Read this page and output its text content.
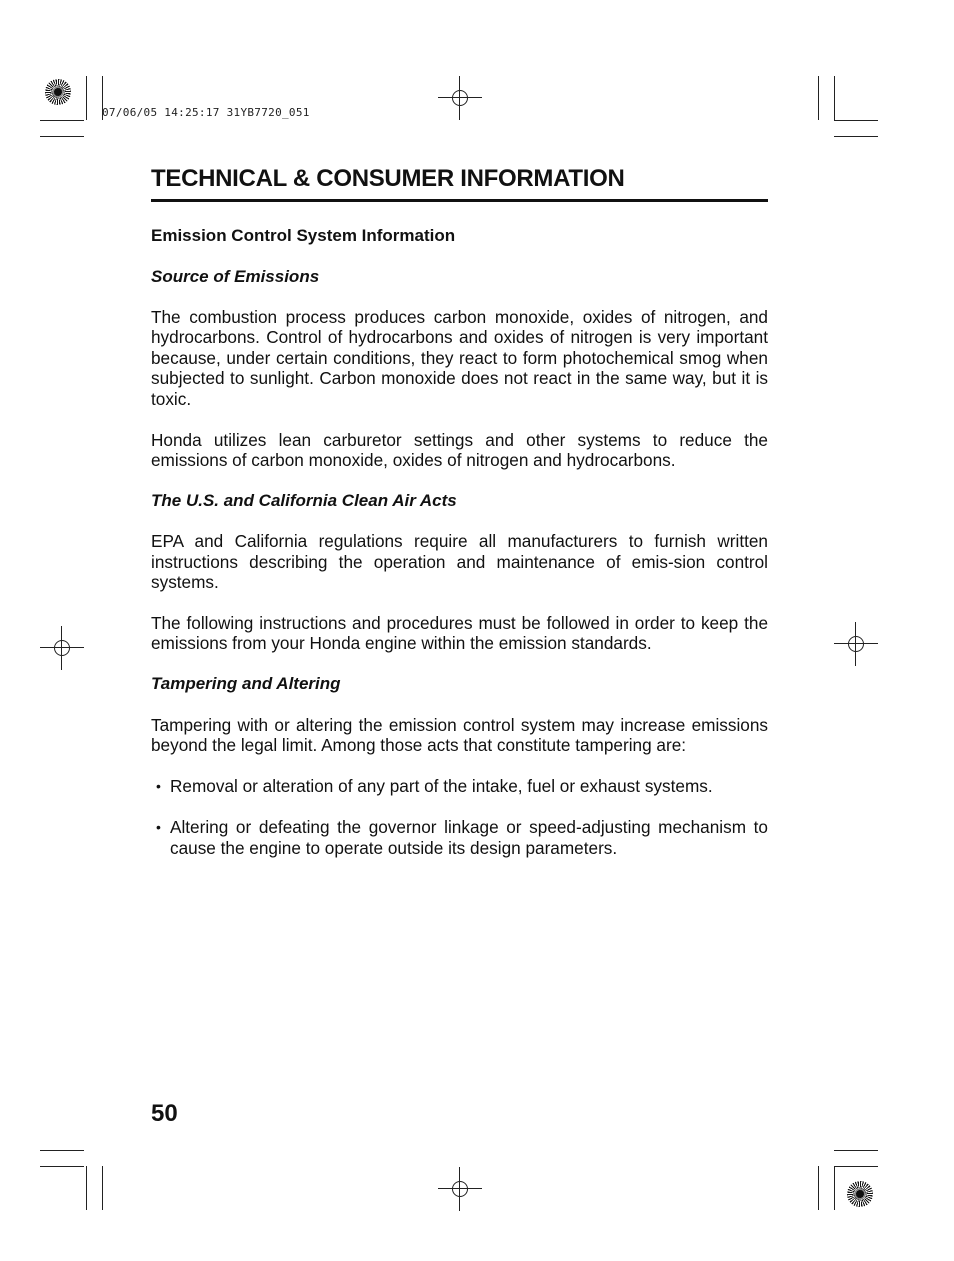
07/06/05 14:25:17 31YB7720_051
TECHNICAL & CONSUMER INFORMATION
Emission Control System Information
Source of Emissions

The combustion process produces carbon monoxide, oxides of nitrogen, and hydrocarbons. Control of hydrocarbons and oxides of nitrogen is very important because, under certain conditions, they react to form photochemical smog when subjected to sunlight. Carbon monoxide does not react in the same way, but it is toxic.

Honda utilizes lean carburetor settings and other systems to reduce the emissions of carbon monoxide, oxides of nitrogen and hydrocarbons.

The U.S. and California Clean Air Acts

EPA and California regulations require all manufacturers to furnish written instructions describing the operation and maintenance of emis-sion control systems.

The following instructions and procedures must be followed in order to keep the emissions from your Honda engine within the emission standards.

Tampering and Altering

Tampering with or altering the emission control system may increase emissions beyond the legal limit. Among those acts that constitute tampering are:

• Removal or alteration of any part of the intake, fuel or exhaust systems.
• Altering or defeating the governor linkage or speed-adjusting mechanism to cause the engine to operate outside its design parameters.
50
